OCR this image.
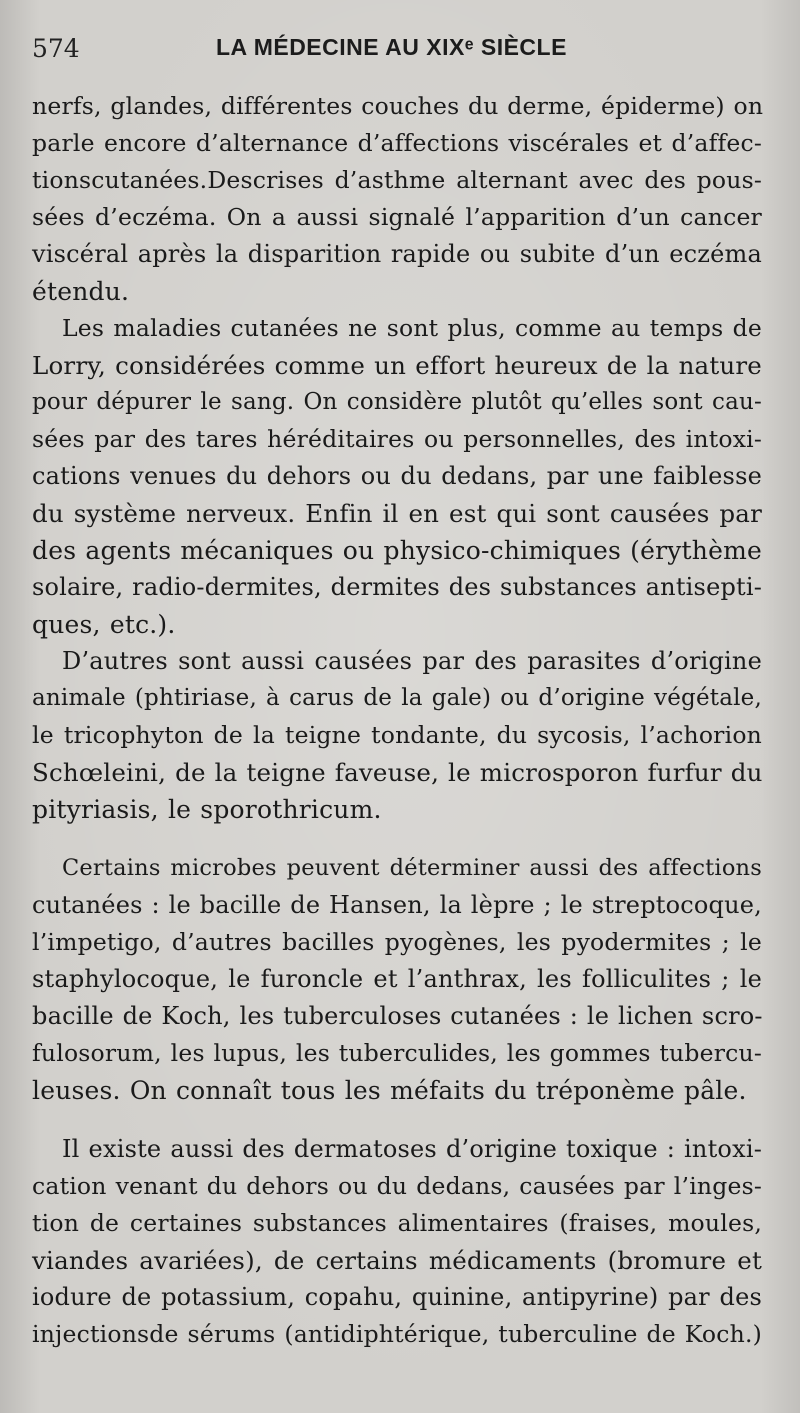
574	LA MÉDECINE AU XIXᵉ SIÈCLE
nerfs, glandes, différentes couches du derme, épiderme) on
parle encore d’alternance d’affections viscérales et d’affec-
tionscutanées.Descrises d’asthme alternant avec des pous-
sées d’eczéma. On a aussi signalé l’apparition d’un cancer
viscéral après la disparition rapide ou subite d’un eczéma
étendu.
Les maladies cutanées ne sont plus, comme au temps de
Lorry, considérées comme un effort heureux de la nature
pour dépurer le sang. On considère plutôt qu’elles sont cau-
sées par des tares héréditaires ou personnelles, des intoxi-
cations venues du dehors ou du dedans, par une faiblesse
du système nerveux. Enfin il en est qui sont causées par
des agents mécaniques ou physico-chimiques (érythème
solaire, radio-dermites, dermites des substances antisepti-
ques, etc.).
D’autres sont aussi causées par des parasites d’origine
animale (phtiriase, à carus de la gale) ou d’origine végétale,
le tricophyton de la teigne tondante, du sycosis, l’achorion
Schœleini, de la teigne faveuse, le microsporon furfur du
pityriasis, le sporothricum.
Certains microbes peuvent déterminer aussi des affections
cutanées : le bacille de Hansen, la lèpre ; le streptocoque,
l’impetigo, d’autres bacilles pyogènes, les pyodermites ; le
staphylocoque, le furoncle et l’anthrax, les folliculites ; le
bacille de Koch, les tuberculoses cutanées : le lichen scro-
fulosorum, les lupus, les tuberculides, les gommes tubercu-
leuses. On connaît tous les méfaits du tréponème pâle.
Il existe aussi des dermatoses d’origine toxique : intoxi-
cation venant du dehors ou du dedans, causées par l’inges-
tion de certaines substances alimentaires (fraises, moules,
viandes avariées), de certains médicaments (bromure et
iodure de potassium, copahu, quinine, antipyrine) par des
injectionsde sérums (antidiphtérique, tuberculine de Koch.)
